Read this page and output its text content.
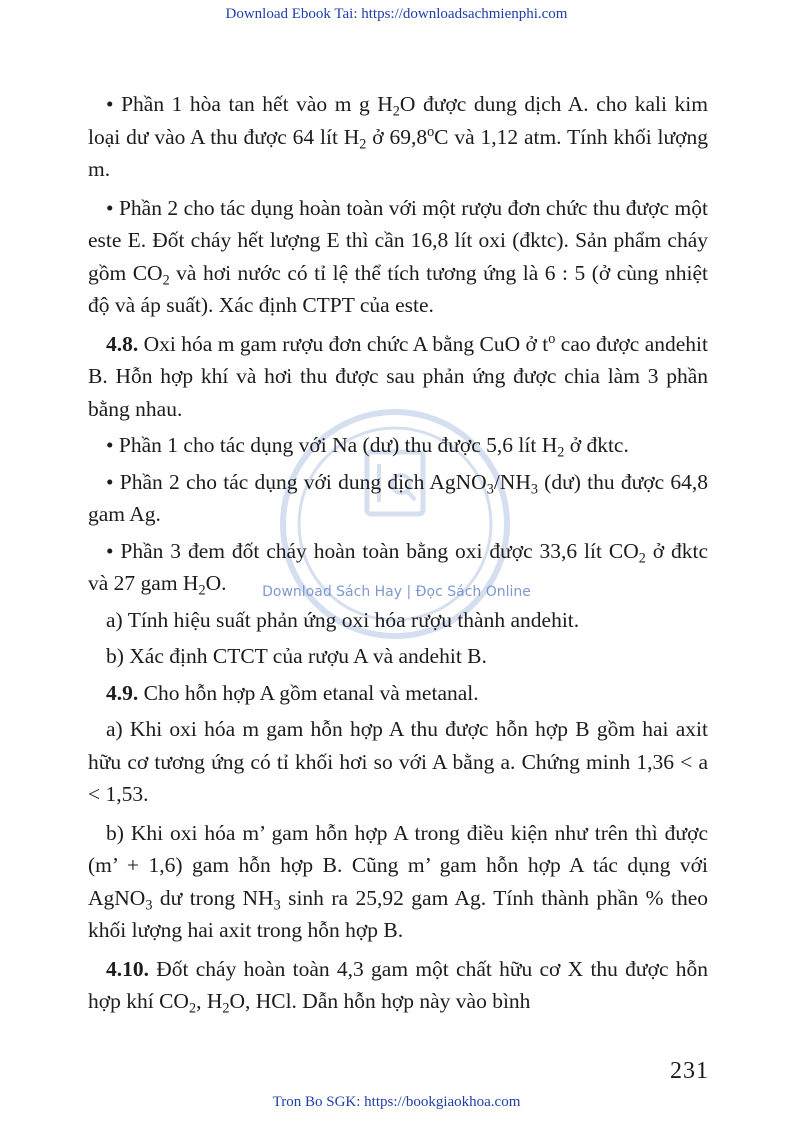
Download Ebook Tai: https://downloadsachmienphi.com
Download Sách Hay | Đọc Sách Online

• Phần 1 hòa tan hết vào m g $H_2O$ được dung dịch A. cho kali kim loại dư vào A thu được 64 lít $H_2$ ở 69,8$^o$C và 1,12 atm. Tính khối lượng m.

• Phần 2 cho tác dụng hoàn toàn với một rượu đơn chức thu được một este E. Đốt cháy hết lượng E thì cần 16,8 lít oxi (đktc). Sản phẩm cháy gồm $CO_2$ và hơi nước có tỉ lệ thể tích tương ứng là 6 : 5 (ở cùng nhiệt độ và áp suất). Xác định CTPT của este.

4.8. Oxi hóa m gam rượu đơn chức A bằng CuO ở $t^o$ cao được andehit B. Hỗn hợp khí và hơi thu được sau phản ứng được chia làm 3 phần bằng nhau.

• Phần 1 cho tác dụng với Na (dư) thu được 5,6 lít $H_2$ ở đktc.

• Phần 2 cho tác dụng với dung dịch $AgNO_3/NH_3$ (dư) thu được 64,8 gam Ag.

• Phần 3 đem đốt cháy hoàn toàn bằng oxi được 33,6 lít $CO_2$ ở đktc và 27 gam $H_2O$.

a) Tính hiệu suất phản ứng oxi hóa rượu thành andehit.

b) Xác định CTCT của rượu A và andehit B.

4.9. Cho hỗn hợp A gồm etanal và metanal.

a) Khi oxi hóa m gam hỗn hợp A thu được hỗn hợp B gồm hai axit hữu cơ tương ứng có tỉ khối hơi so với A bằng a. Chứng minh 1,36 < a < 1,53.

b) Khi oxi hóa m’ gam hỗn hợp A trong điều kiện như trên thì được (m’ + 1,6) gam hỗn hợp B. Cũng m’ gam hỗn hợp A tác dụng với AgNO$_3$ dư trong $NH_3$ sinh ra 25,92 gam Ag. Tính thành phần % theo khối lượng hai axit trong hỗn hợp B.

4.10. Đốt cháy hoàn toàn 4,3 gam một chất hữu cơ X thu được hỗn hợp khí $CO_2$, $H_2O$, HCl. Dẫn hỗn hợp này vào bình

231
Tron Bo SGK: https://bookgiaokhoa.com
